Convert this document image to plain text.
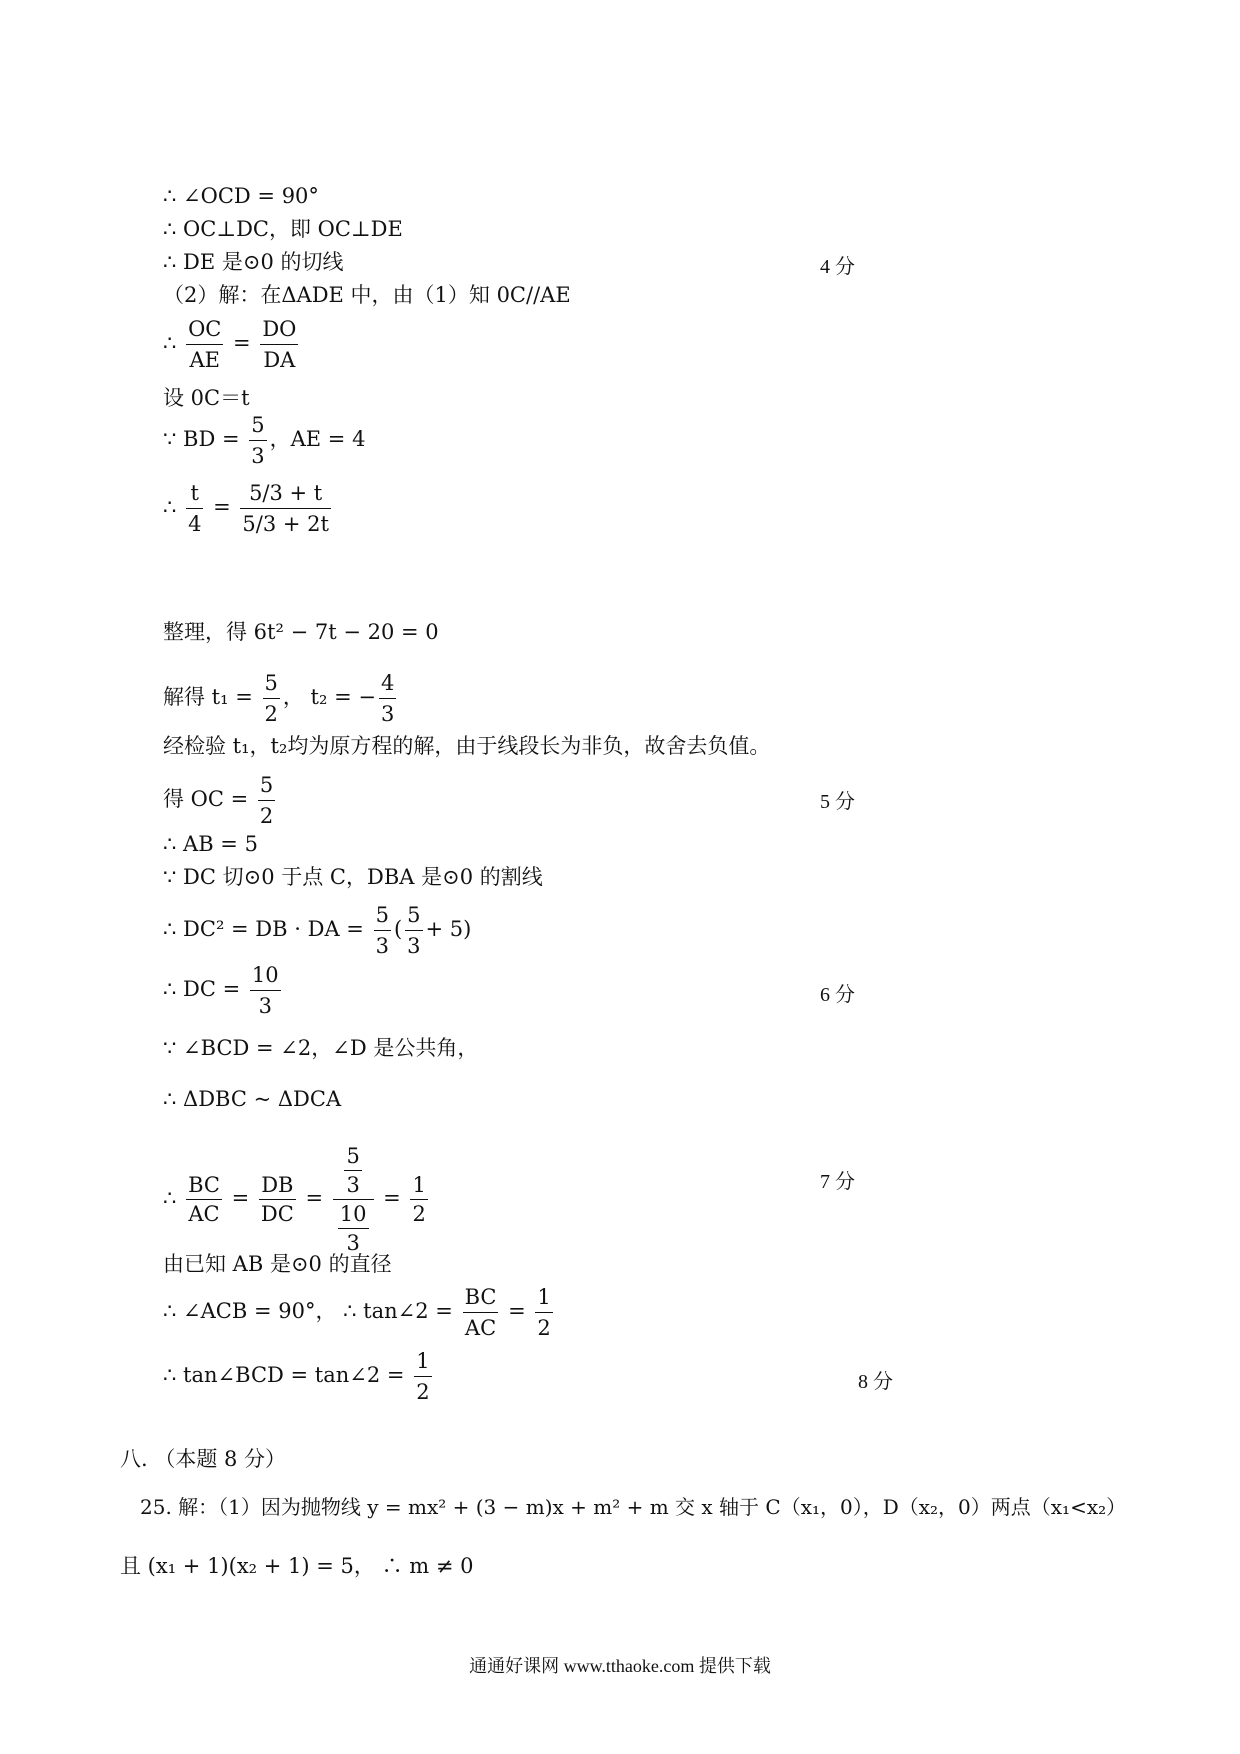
∴ ∠OCD = 90°
∴ OC⊥DC，即 OC⊥DE
∴ DE 是⊙0 的切线	4 分
（2）解：在ΔADE 中，由（1）知 0C//AE
∴ $\frac{OC}{AE} = \frac{DO}{DA}$
设 0C＝t
∵ BD = $\frac{5}{3}$ ，AE = 4
∴ $\frac{t}{4} = \frac{5/3 + t}{5/3 + 2t}$
整理，得 6t² − 7t − 20 = 0
解得 $t_1 = \frac{5}{2}$ ， t₂ = − $\frac{4}{3}$
经检验 t₁，t₂均为原方程的解，由于线段长为非负，故舍去负值。
得 OC = $\frac{5}{2}$	5 分
∴ AB = 5
∵ DC 切⊙0 于点 C，DBA 是⊙0 的割线
∴ DC² = DB · DA = $\frac{5}{3}$ ( $\frac{5}{3} + 5$)
∴ DC = $\frac{10}{3}$	6 分
∵ ∠BCD = ∠2，∠D 是公共角，
∴ ΔDBC ~ ΔDCA
∴ $\frac{BC}{AC} = \frac{DB}{DC} = \frac{\frac{5}{3}}{\frac{10}{3}} = \frac{1}{2}$	7 分
由已知 AB 是⊙0 的直径
∴ ∠ACB = 90°， ∴ tan∠2 = $\frac{BC}{AC} = \frac{1}{2}$
∴ tan∠BCD = tan∠2 = $\frac{1}{2}$	8 分
八. （本题 8 分）
25. 解：（1）因为抛物线 y = mx² + (3 − m)x + m² + m 交 x 轴于 C（x₁，0），D（x₂，0）两点（x₁<x₂）
且 (x₁ + 1)(x₂ + 1) = 5， ∴ m ≠ 0
通通好课网 www.tthaoke.com 提供下载
